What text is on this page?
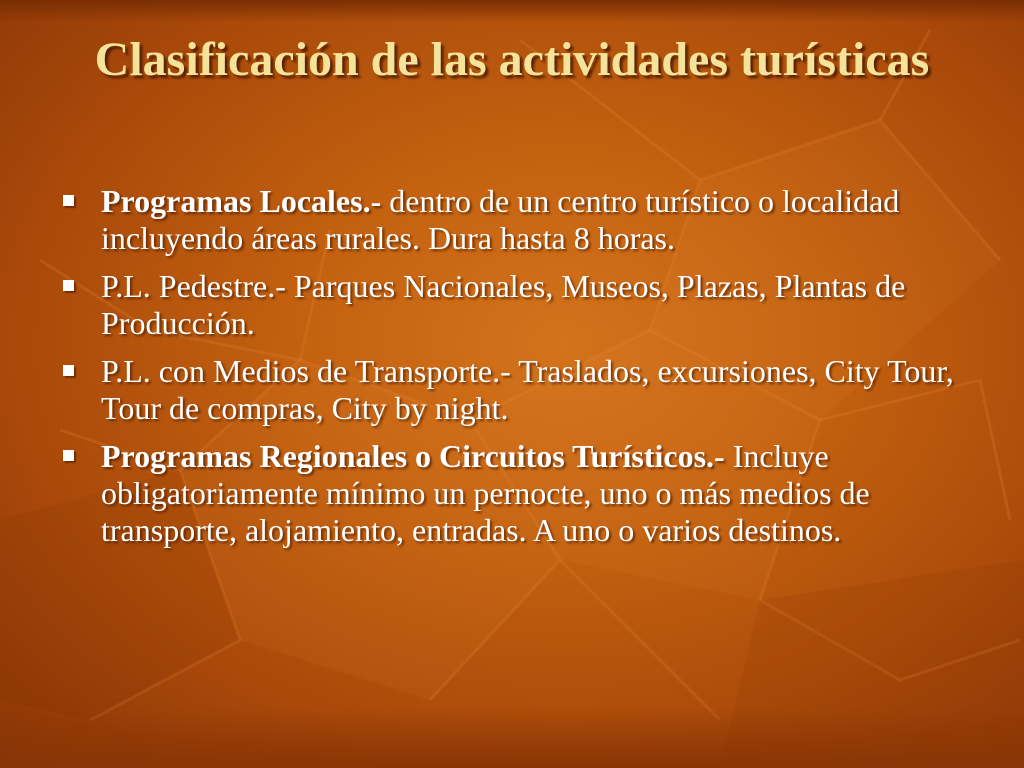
Clasificación de las actividades turísticas
Programas Locales.- dentro de un centro turístico o localidad incluyendo áreas rurales. Dura hasta 8 horas.
P.L. Pedestre.- Parques Nacionales, Museos, Plazas, Plantas de Producción.
P.L. con Medios de Transporte.- Traslados, excursiones, City Tour, Tour de compras, City by night.
Programas Regionales o Circuitos Turísticos.- Incluye obligatoriamente mínimo un pernocte, uno o más medios de transporte, alojamiento, entradas. A uno o varios destinos.
